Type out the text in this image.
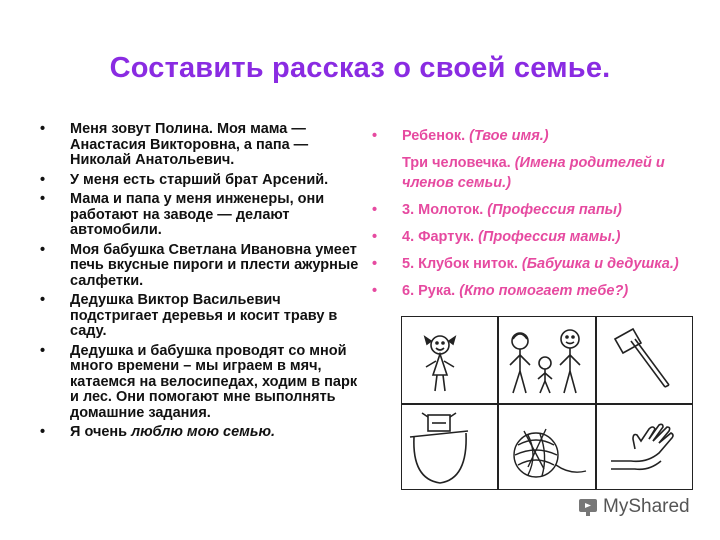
Составить рассказ о своей семье.
• Меня зовут Полина. Моя мама — Анастасия Викторовна, а папа — Николай Анатольевич.
• У меня есть старший брат Арсений.
• Мама и папа у меня инженеры, они работают на заводе — делают автомобили.
• Моя бабушка Светлана Ивановна умеет печь вкусные пироги и плести ажурные салфетки.
• Дедушка Виктор Васильевич подстригает деревья и косит траву в саду.
• Дедушка и бабушка проводят со мной много времени – мы играем в мяч, катаемся на велосипедах, ходим в парк и лес. Они помогают мне выполнять домашние задания.
• Я очень люблю мою семью.
• Ребенок. (Твое имя.)
Три человечка. (Имена родителей и членов семьи.)
• 3. Молоток. (Профессия папы)
• 4. Фартук. (Профессия мамы.)
• 5. Клубок ниток. (Бабушка и дедушка.)
• 6. Рука. (Кто помогает тебе?)
MyShared
